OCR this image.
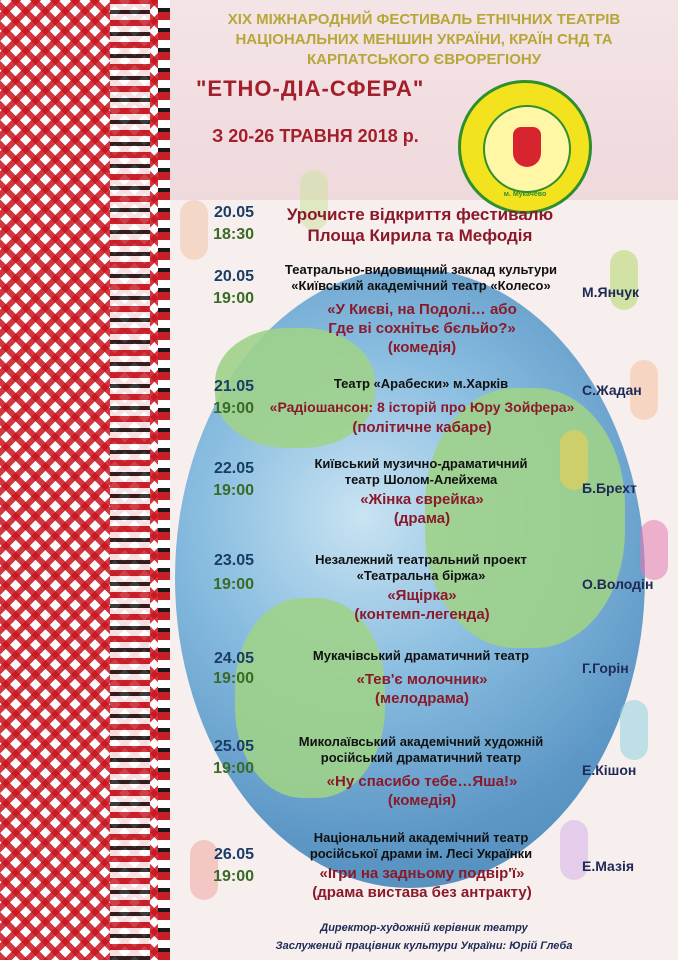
XIX МІЖНАРОДНИЙ ФЕСТИВАЛЬ ЕТНІЧНИХ ТЕАТРІВ
НАЦІОНАЛЬНИХ МЕНШИН УКРАЇНИ, КРАЇН СНД ТА
КАРПАТСЬКОГО ЄВРОРЕГІОНУ
"ЕТНО-ДІА-СФЕРА"
З 20-26 ТРАВНЯ 2018 р.
м. Мукачево
20.05
18:30
Урочисте відкриття фестивалю
Площа Кирила та Мефодія
20.05
19:00
Театрально-видовищний заклад культури
«Київський академічний театр «Колесо»
«У Києві, на Подолі… або
Где ві сохнітьє бєльйо?»
(комедія)
М.Янчук
21.05
19:00
Театр «Арабески» м.Харків
«Радіошансон: 8 історій про Юру Зойфера»
(політичне кабаре)
С.Жадан
22.05
19:00
Київський музично-драматичний
театр Шолом-Алейхема
«Жінка єврейка»
(драма)
Б.Брехт
23.05
19:00
Незалежний театральний проект
«Театральна біржа»
«Ящірка»
(контемп-легенда)
О.Володін
24.05
19:00
Мукачівський драматичний театр
«Тев'є молочник»
(мелодрама)
Г.Горін
25.05
19:00
Миколаївський академічний художній
російський драматичний театр
«Ну спасибо тебе…Яша!»
(комедія)
Е.Кішон
26.05
19:00
Національний академічний театр
російської драми ім. Лесі Українки
«Ігри на задньому подвір'ї»
(драма вистава без антракту)
Е.Мазія
Директор-художній керівник театру
Заслужений працівник культури України: Юрій Глеба
